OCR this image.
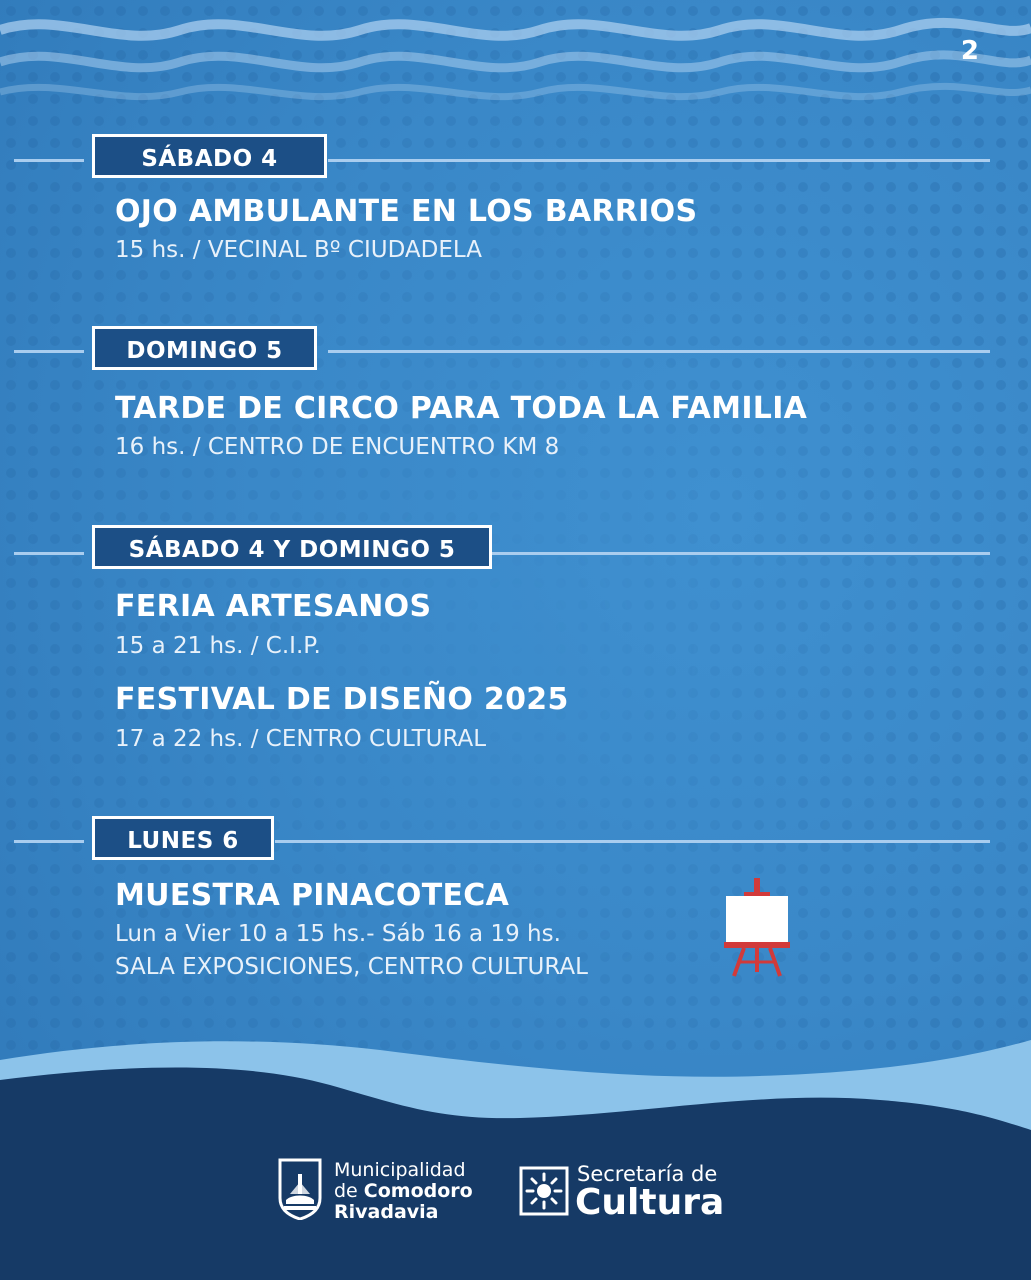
2
SÁBADO 4
OJO AMBULANTE EN LOS BARRIOS
15 hs. / VECINAL Bº CIUDADELA
DOMINGO 5
TARDE DE CIRCO PARA TODA LA FAMILIA
16 hs. / CENTRO DE ENCUENTRO KM 8
SÁBADO 4 Y DOMINGO 5
FERIA ARTESANOS
15 a 21 hs. / C.I.P.
FESTIVAL DE DISEÑO 2025
17 a 22 hs. / CENTRO CULTURAL
LUNES 6
MUESTRA PINACOTECA
Lun a Vier 10 a 15 hs.- Sáb 16 a 19 hs.
SALA EXPOSICIONES, CENTRO CULTURAL
Municipalidad
de Comodoro
Rivadavia
Secretaría de
Cultura
